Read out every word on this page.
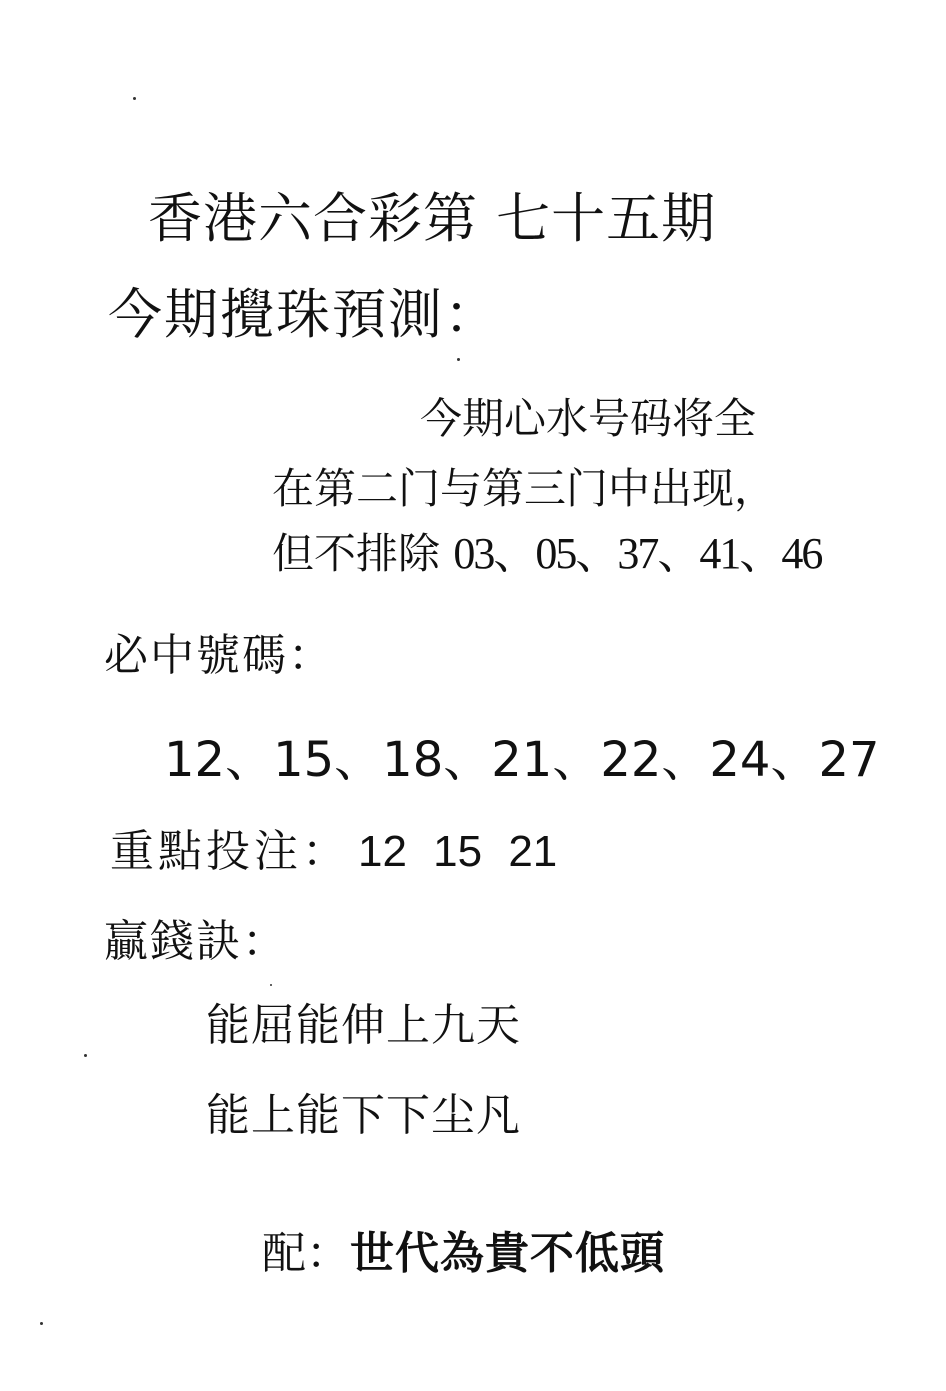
香港六合彩第 七十五期
今期攪珠預測：
今期心水号码将全
在第二门与第三门中出现，
但不排除 03、05、37、41、46
必中號碼：
12、15、18、21、22、24、27
重點投注： 12 15 21
贏錢訣：
能屈能伸上九天
能上能下下尘凡
配：世代為貴不低頭
